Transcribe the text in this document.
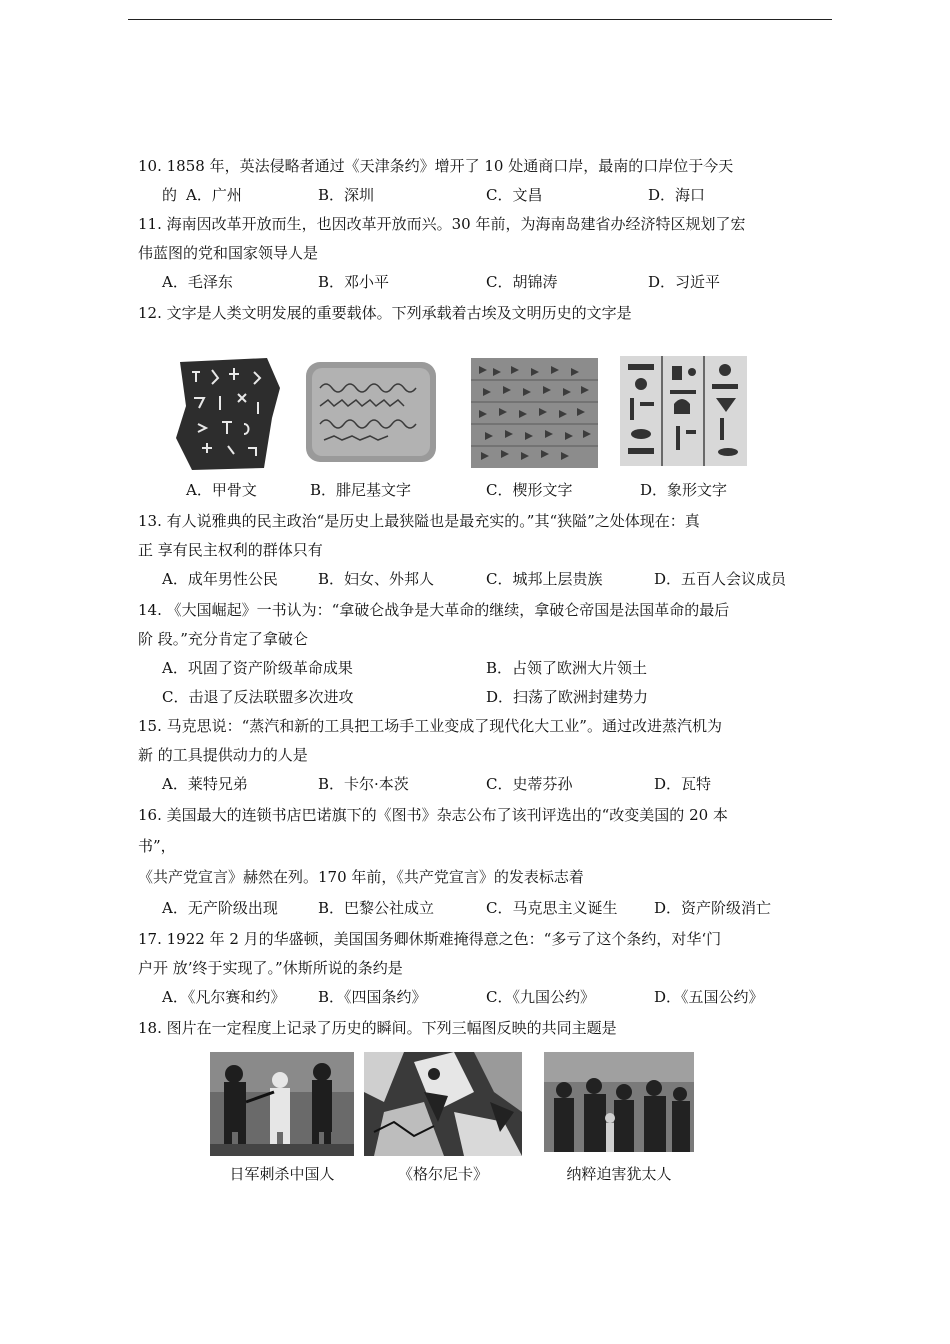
10. 1858 年，英法侵略者通过《天津条约》增开了 10 处通商口岸，最南的口岸位于今天
的 A．广州	B．深圳	C．文昌	D．海口
11. 海南因改革开放而生，也因改革开放而兴。30 年前，为海南岛建省办经济特区规划了宏
伟蓝图的党和国家领导人是
A．毛泽东	B．邓小平	C．胡锦涛	D．习近平
12. 文字是人类文明发展的重要载体。下列承载着古埃及文明历史的文字是
A．甲骨文	B．腓尼基文字	C．楔形文字	D．象形文字
13. 有人说雅典的民主政治“是历史上最狭隘也是最充实的。”其“狭隘”之处体现在：真
正 享有民主权利的群体只有
A．成年男性公民	B．妇女、外邦人	C．城邦上层贵族	D．五百人会议成员
14. 《大国崛起》一书认为：“拿破仑战争是大革命的继续，拿破仑帝国是法国革命的最后
阶 段。”充分肯定了拿破仑
A．巩固了资产阶级革命成果	B．占领了欧洲大片领土
C．击退了反法联盟多次进攻	D．扫荡了欧洲封建势力
15. 马克思说：“蒸汽和新的工具把工场手工业变成了现代化大工业”。通过改进蒸汽机为
新 的工具提供动力的人是
A．莱特兄弟	B．卡尔·本茨	C．史蒂芬孙	D．瓦特
16. 美国最大的连锁书店巴诺旗下的《图书》杂志公布了该刊评选出的“改变美国的 20 本
书”，
《共产党宣言》赫然在列。170 年前，《共产党宣言》的发表标志着
A．无产阶级出现	B．巴黎公社成立	C．马克思主义诞生 D．资产阶级消亡
17. 1922 年 2 月的华盛顿，美国国务卿休斯难掩得意之色：“多亏了这个条约，对华‘门
户开 放’终于实现了。”休斯所说的条约是
A．《凡尔赛和约》 B．《四国条约》	C．《九国公约》	D．《五国公约》
18. 图片在一定程度上记录了历史的瞬间。下列三幅图反映的共同主题是
日军刺杀中国人	《格尔尼卡》	纳粹迫害犹太人
